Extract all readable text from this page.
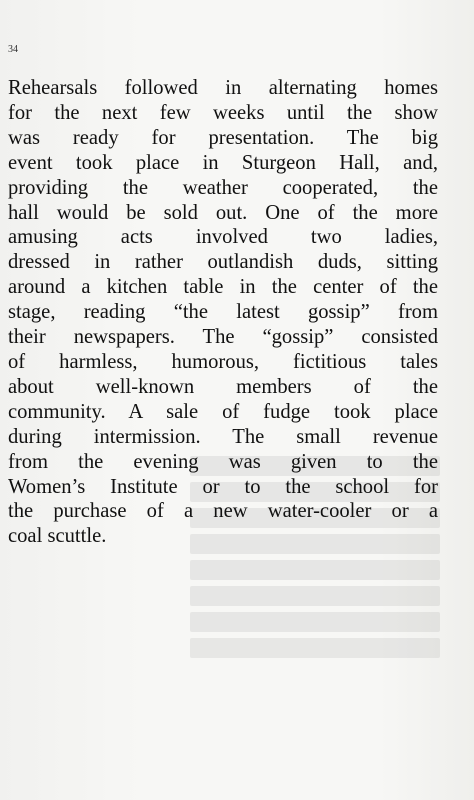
34

Rehearsals followed in alternating homes
for the next few weeks until the show
was ready for presentation. The big
event took place in Sturgeon Hall, and,
providing the weather cooperated, the
hall would be sold out. One of the more
amusing acts involved two ladies,
dressed in rather outlandish duds, sitting
around a kitchen table in the center of the
stage, reading “the latest gossip” from
their newspapers. The “gossip” consisted
of harmless, humorous, fictitious tales
about well-known members of the
community. A sale of fudge took place
during intermission. The small revenue
from the evening was given to the
Women’s Institute or to the school for
the purchase of a new water-cooler or a
coal scuttle.
